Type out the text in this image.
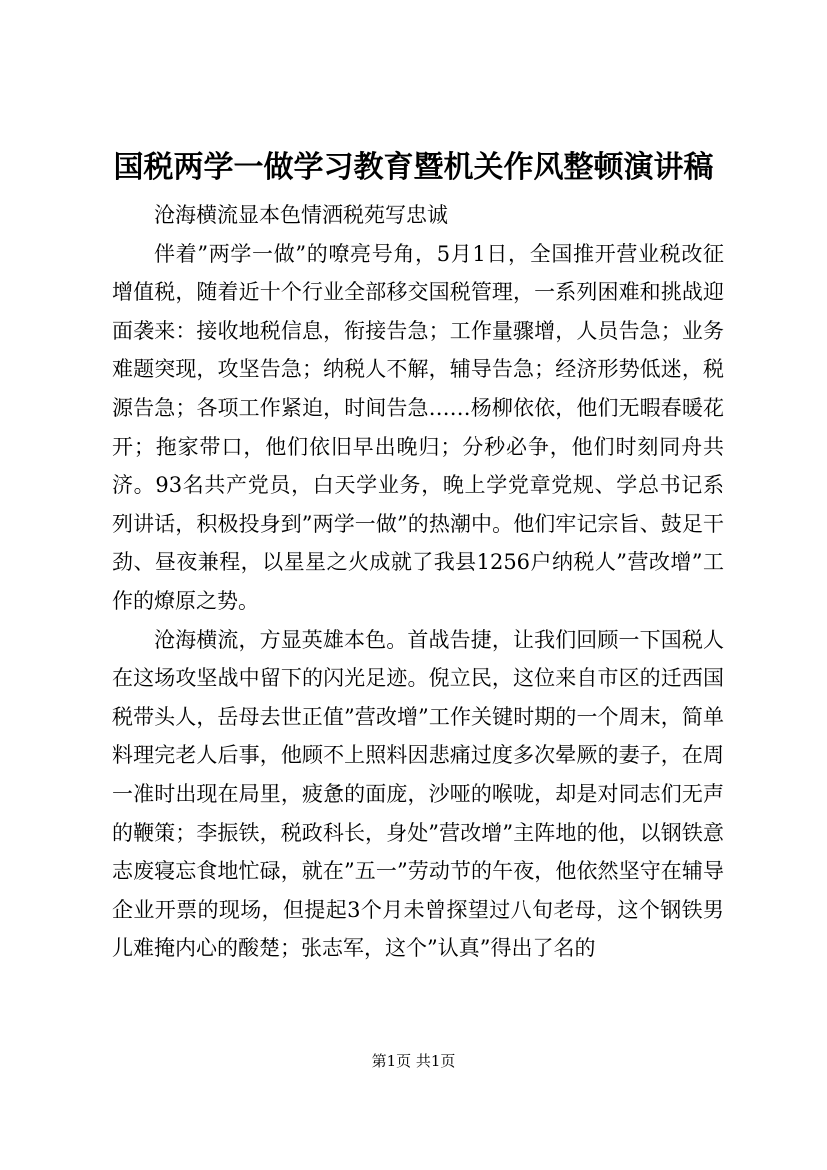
国税两学一做学习教育暨机关作风整顿演讲稿

沧海横流显本色情洒税苑写忠诚

伴着”两学一做”的嘹亮号角，5月1日，全国推开营业税改征增值税，随着近十个行业全部移交国税管理，一系列困难和挑战迎面袭来：接收地税信息，衔接告急；工作量骤增，人员告急；业务难题突现，攻坚告急；纳税人不解，辅导告急；经济形势低迷，税源告急；各项工作紧迫，时间告急……杨柳依依，他们无暇春暖花开；拖家带口，他们依旧早出晚归；分秒必争，他们时刻同舟共济。93名共产党员，白天学业务，晚上学党章党规、学总书记系列讲话，积极投身到”两学一做”的热潮中。他们牢记宗旨、鼓足干劲、昼夜兼程，以星星之火成就了我县1256户纳税人”营改增”工作的燎原之势。

沧海横流，方显英雄本色。首战告捷，让我们回顾一下国税人在这场攻坚战中留下的闪光足迹。倪立民，这位来自市区的迁西国税带头人，岳母去世正值”营改增”工作关键时期的一个周末，简单料理完老人后事，他顾不上照料因悲痛过度多次晕厥的妻子，在周一准时出现在局里，疲惫的面庞，沙哑的喉咙，却是对同志们无声的鞭策；李振铁，税政科长，身处”营改增”主阵地的他，以钢铁意志废寝忘食地忙碌，就在”五一”劳动节的午夜，他依然坚守在辅导企业开票的现场，但提起3个月未曾探望过八旬老母，这个钢铁男儿难掩内心的酸楚；张志军，这个”认真”得出了名的

第1页 共1页
